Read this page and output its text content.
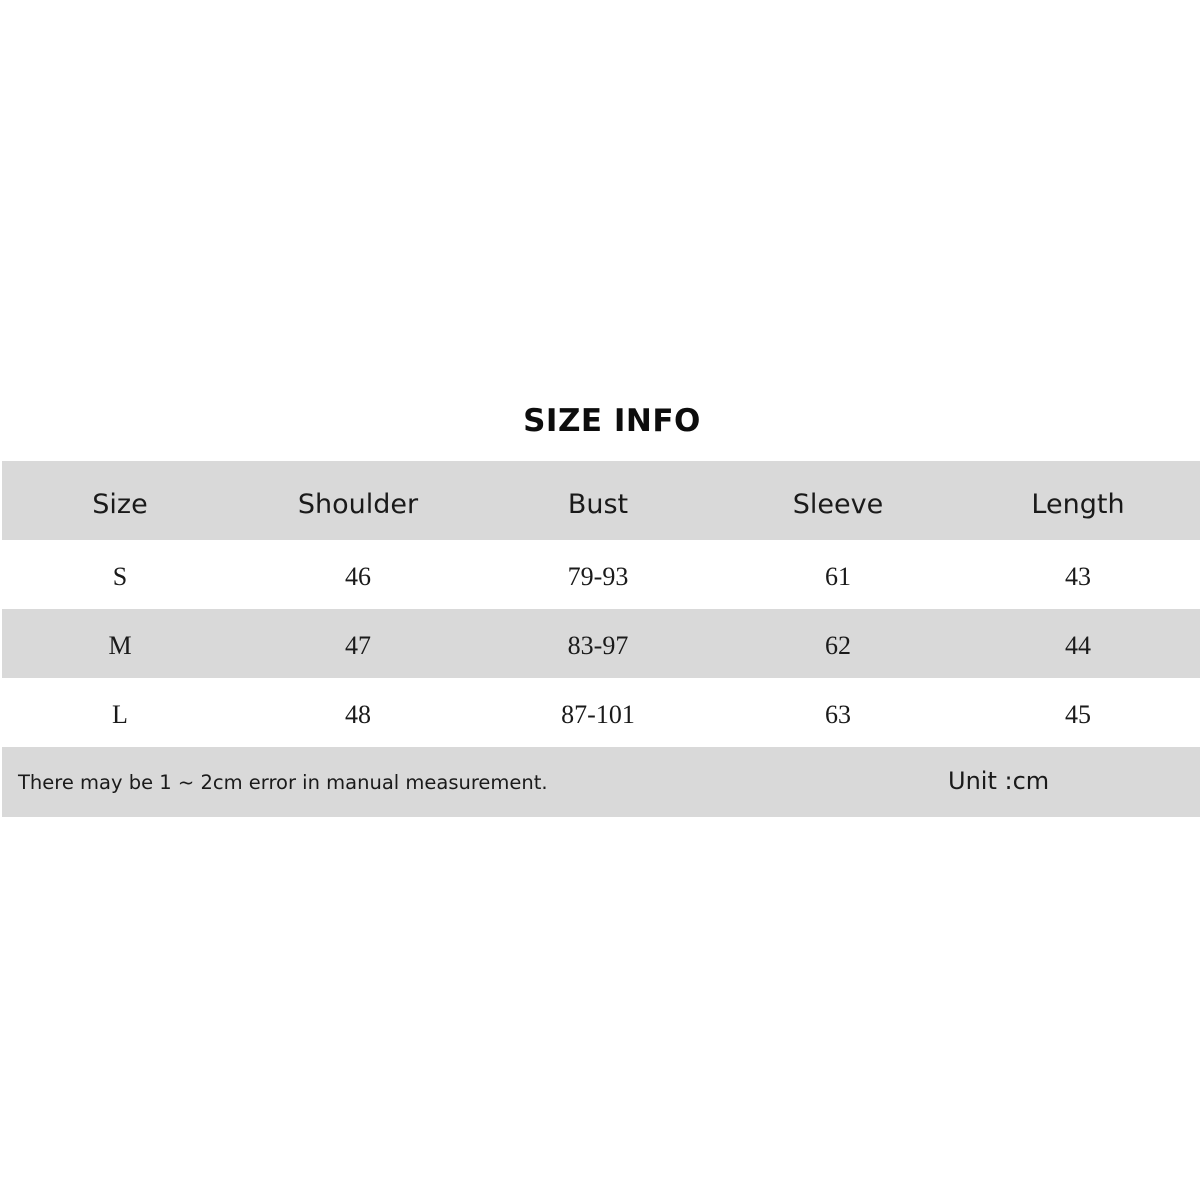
SIZE INFO
Size	Shoulder	Bust	Sleeve	Length
S	46	79-93	61	43
M	47	83-97	62	44
L	48	87-101	63	45
There may be 1 ~ 2cm error in manual measurement.	Unit :cm
